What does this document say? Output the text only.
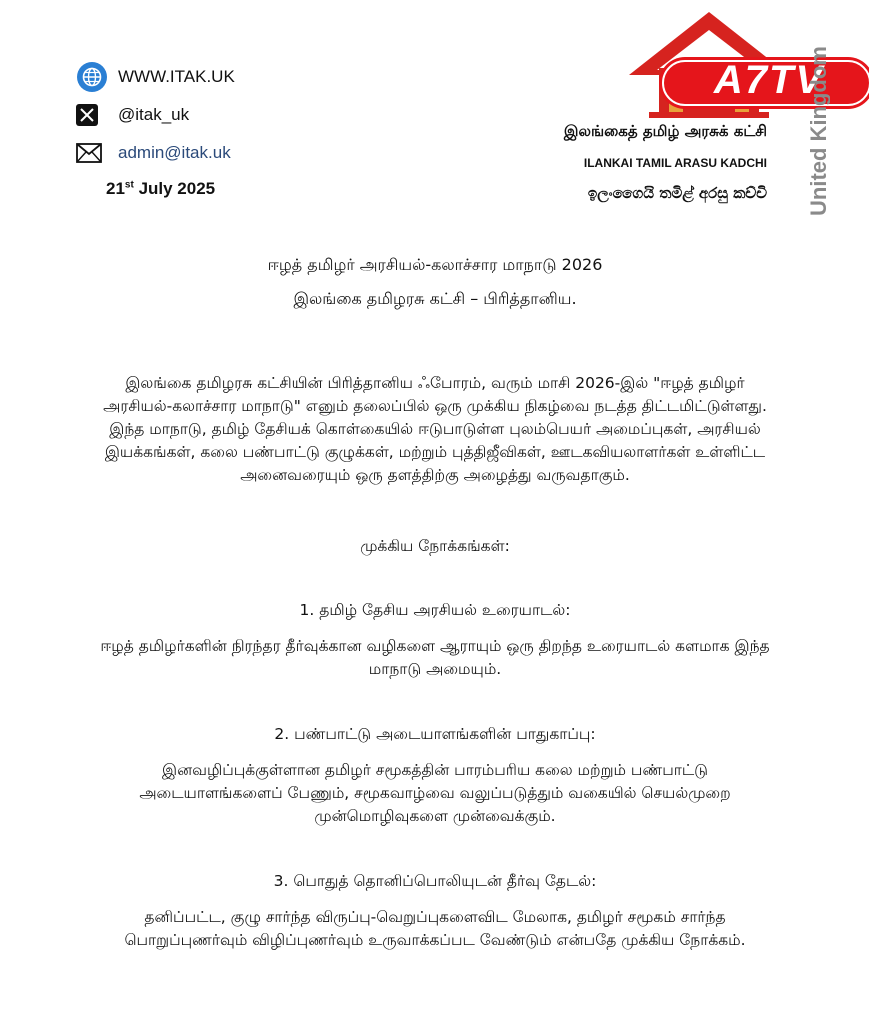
WWW.ITAK.UK
@itak_uk
admin@itak.uk
21st July 2025
A7TV
இலங்கைத் தமிழ் அரசுக் கட்சி
ILANKAI TAMIL ARASU KADCHI
ඉලංගෛයි තමිළ් අරසු කච්චි United Kingdom

ஈழத் தமிழர் அரசியல்-கலாச்சார மாநாடு 2026

இலங்கை தமிழரசு கட்சி – பிரித்தானிய.

இலங்கை தமிழரசு கட்சியின் பிரித்தானிய ஃபோரம், வரும் மாசி 2026-இல் "ஈழத் தமிழர் அரசியல்-கலாச்சார மாநாடு" எனும் தலைப்பில் ஒரு முக்கிய நிகழ்வை நடத்த திட்டமிட்டுள்ளது. இந்த மாநாடு, தமிழ் தேசியக் கொள்கையில் ஈடுபாடுள்ள புலம்பெயர் அமைப்புகள், அரசியல் இயக்கங்கள், கலை பண்பாட்டு குழுக்கள், மற்றும் புத்திஜீவிகள், ஊடகவியலாளர்கள் உள்ளிட்ட அனைவரையும் ஒரு தளத்திற்கு அழைத்து வருவதாகும்.

முக்கிய நோக்கங்கள்:

1. தமிழ் தேசிய அரசியல் உரையாடல்:

ஈழத் தமிழர்களின் நிரந்தர தீர்வுக்கான வழிகளை ஆராயும் ஒரு திறந்த உரையாடல் களமாக இந்த மாநாடு அமையும்.

2. பண்பாட்டு அடையாளங்களின் பாதுகாப்பு:

இனவழிப்புக்குள்ளான தமிழர் சமூகத்தின் பாரம்பரிய கலை மற்றும் பண்பாட்டு அடையாளங்களைப் பேணும், சமூகவாழ்வை வலுப்படுத்தும் வகையில் செயல்முறை முன்மொழிவுகளை முன்வைக்கும்.

3. பொதுத் தொனிப்பொலியுடன் தீர்வு தேடல்:

தனிப்பட்ட, குழு சார்ந்த விருப்பு-வெறுப்புகளைவிட மேலாக, தமிழர் சமூகம் சார்ந்த பொறுப்புணர்வும் விழிப்புணர்வும் உருவாக்கப்பட வேண்டும் என்பதே முக்கிய நோக்கம்.
